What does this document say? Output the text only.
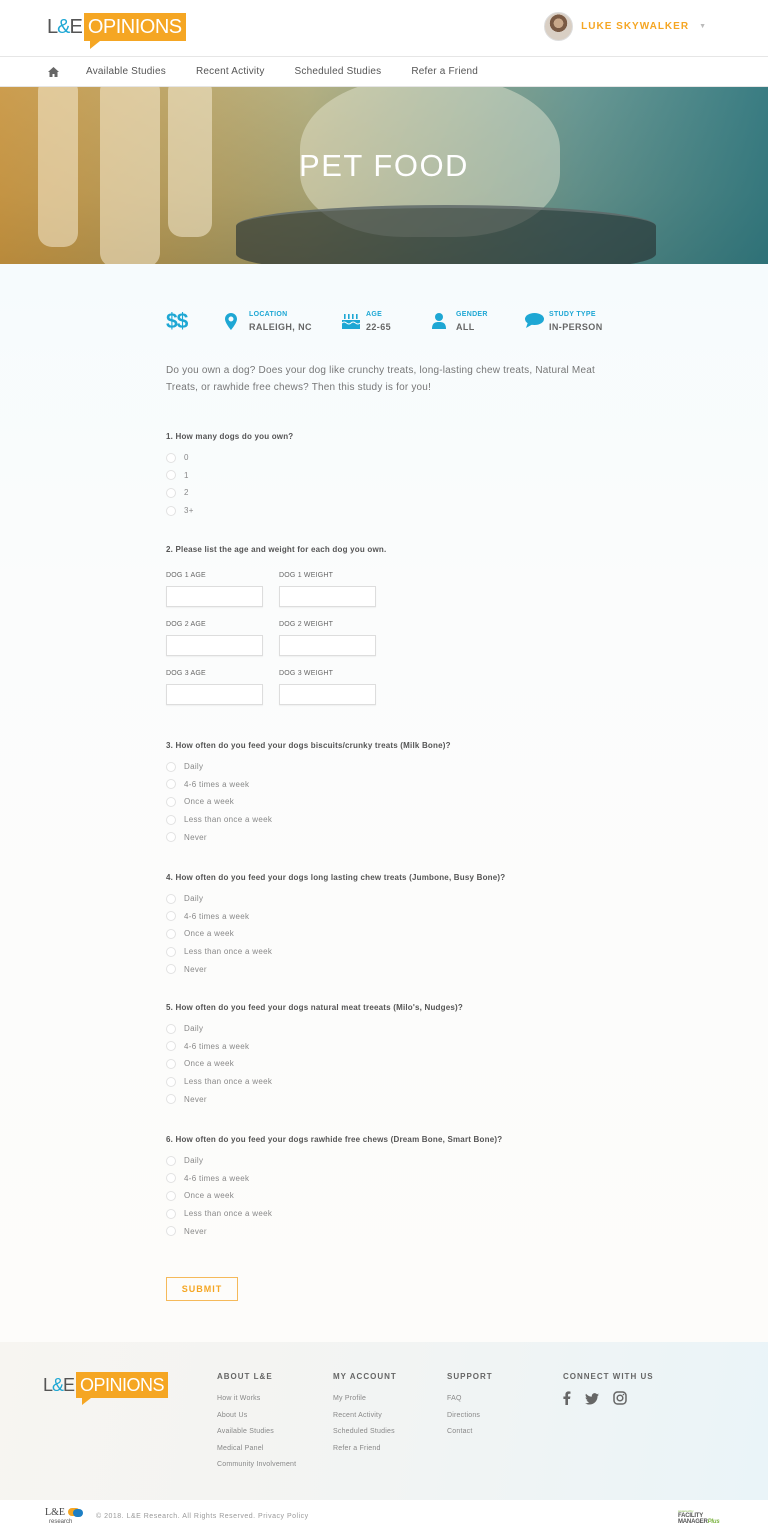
L&E OPINIONS	LUKE SKYWALKER ▼
Available Studies	Recent Activity	Scheduled Studies	Refer a Friend
PET FOOD
$$	LOCATION
RALEIGH, NC
AGE
22-65
GENDER
ALL
STUDY TYPE
IN-PERSON

Do you own a dog? Does your dog like crunchy treats, long-lasting chew treats, Natural Meat Treats, or rawhide free chews? Then this study is for you!

1. How many dogs do you own?
0
1
2
3+
2. Please list the age and weight for each dog you own.
DOG 1 AGE	DOG 1 WEIGHT
DOG 2 AGE	DOG 2 WEIGHT
DOG 3 AGE	DOG 3 WEIGHT
3. How often do you feed your dogs biscuits/crunky treats (Milk Bone)?
Daily
4-6 times a week
Once a week
Less than once a week
Never
4. How often do you feed your dogs long lasting chew treats (Jumbone, Busy Bone)?
Daily
4-6 times a week
Once a week
Less than once a week
Never
5. How often do you feed your dogs natural meat treeats (Milo's, Nudges)?
Daily
4-6 times a week
Once a week
Less than once a week
Never
6. How often do you feed your dogs rawhide free chews (Dream Bone, Smart Bone)?
Daily
4-6 times a week
Once a week
Less than once a week
Never
SUBMIT
L&E OPINIONS	ABOUT L&E
How it Works
About Us
Available Studies
Medical Panel
Community Involvement
MY ACCOUNT
My Profile
Recent Activity
Scheduled Studies
Refer a Friend
SUPPORT
FAQ
Directions
Contact
CONNECT WITH US
L&E
research
© 2018. L&E Research. All Rights Reserved. Privacy Policy
powered by
FACILITY
MANAGERPlus
